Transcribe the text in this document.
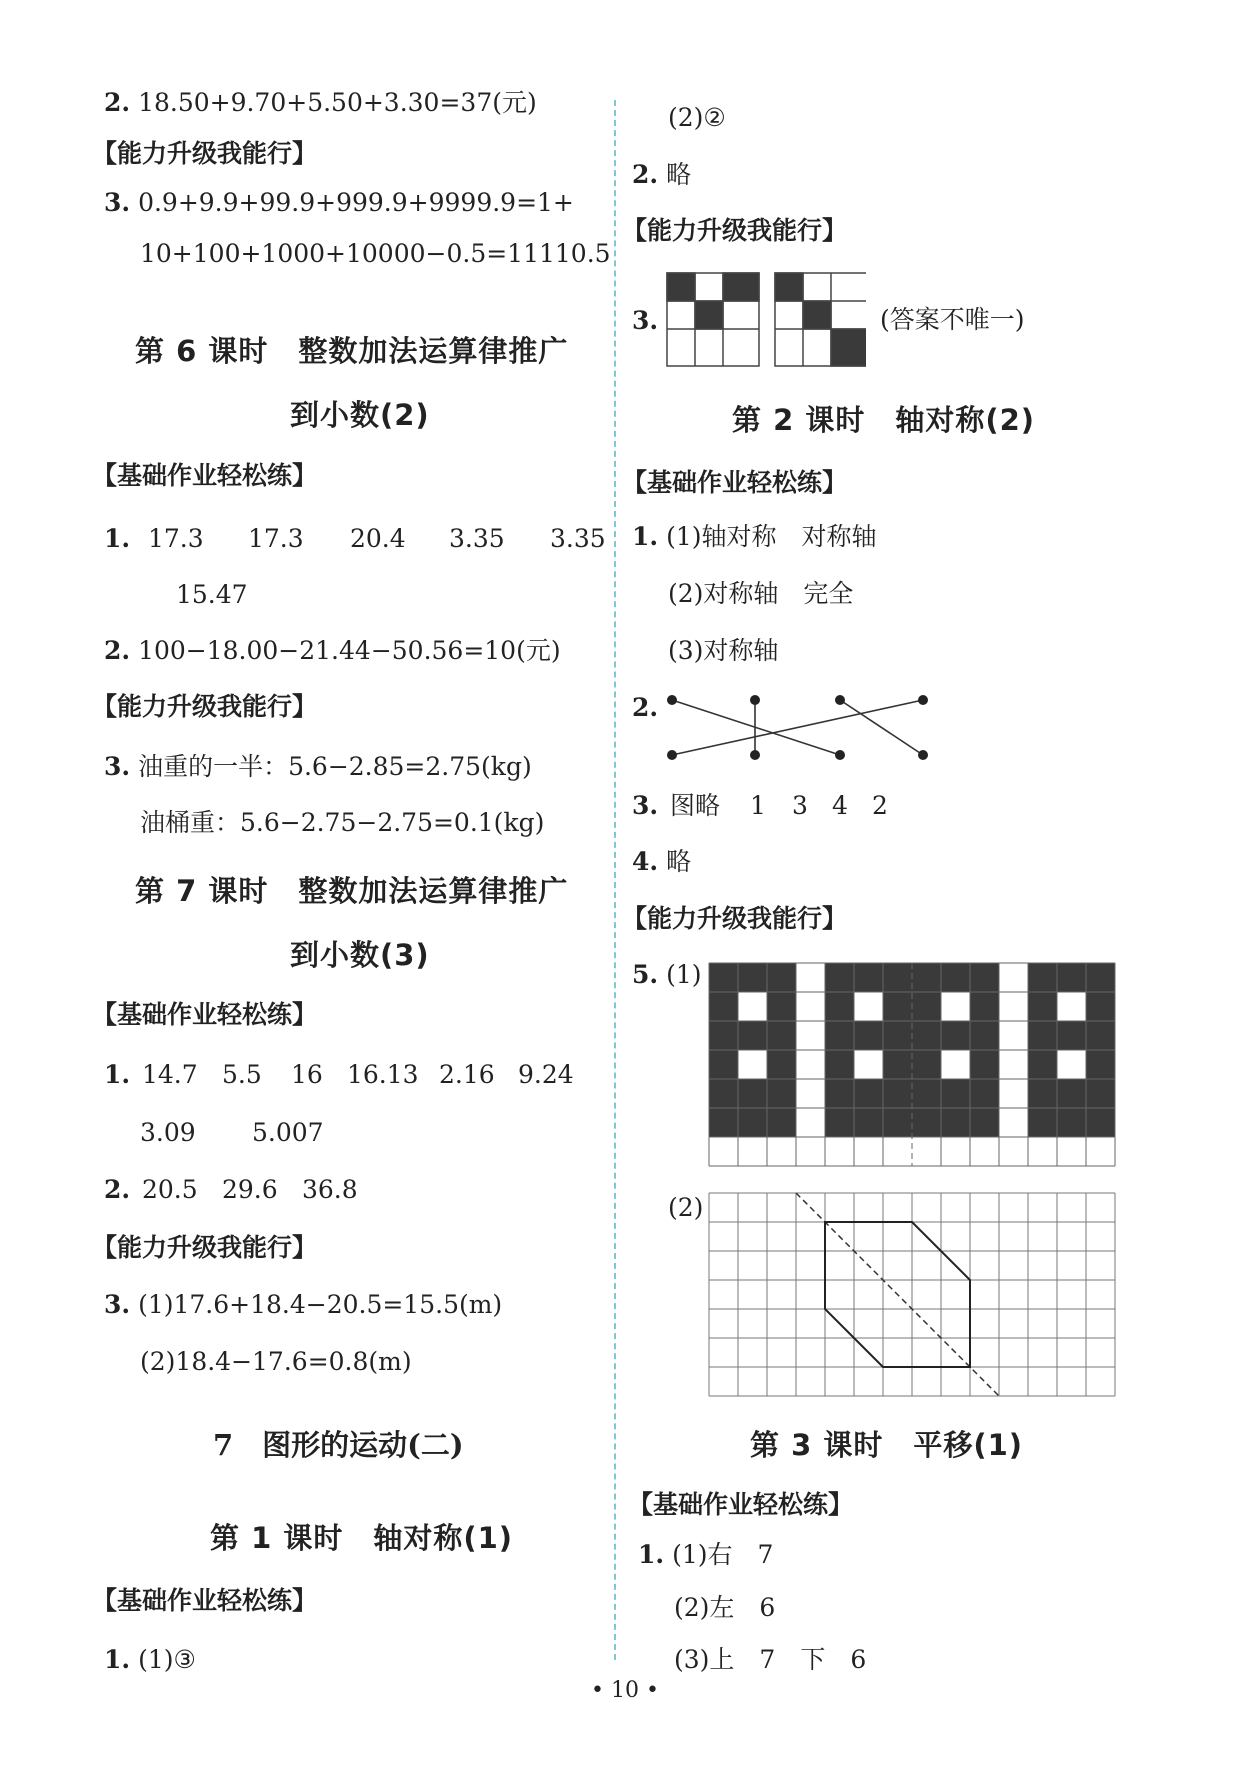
2. 18.50+9.70+5.50+3.30=37(元)
【能力升级我能行】
3. 0.9+9.9+99.9+999.9+9999.9=1+
10+100+1000+10000−0.5=11110.5
第 6 课时　整数加法运算律推广
到小数(2)
【基础作业轻松练】
1. 17.3 17.3 20.4 3.35 3.35
15.47
2. 100−18.00−21.44−50.56=10(元)
【能力升级我能行】
3. 油重的一半：5.6−2.85=2.75(kg)
油桶重：5.6−2.75−2.75=0.1(kg)
第 7 课时　整数加法运算律推广
到小数(3)
【基础作业轻松练】
1. 14.7 5.5 16 16.13 2.16 9.24
3.09 5.007
2. 20.5 29.6 36.8
【能力升级我能行】
3. (1)17.6+18.4−20.5=15.5(m)
(2)18.4−17.6=0.8(m)
7　图形的运动(二)
第 1 课时　轴对称(1)
【基础作业轻松练】
1. (1)③
(2)②
2. 略
【能力升级我能行】
3.	(答案不唯一)
第 2 课时　轴对称(2)
【基础作业轻松练】
1. (1)轴对称　对称轴
(2)对称轴　完全
(3)对称轴
2.
3. 图略 1 3 4 2
4. 略
【能力升级我能行】
5. (1)
(2)
第 3 课时　平移(1)
【基础作业轻松练】
1. (1)右　7
(2)左　6
(3)上　7　下　6
• 10 •
